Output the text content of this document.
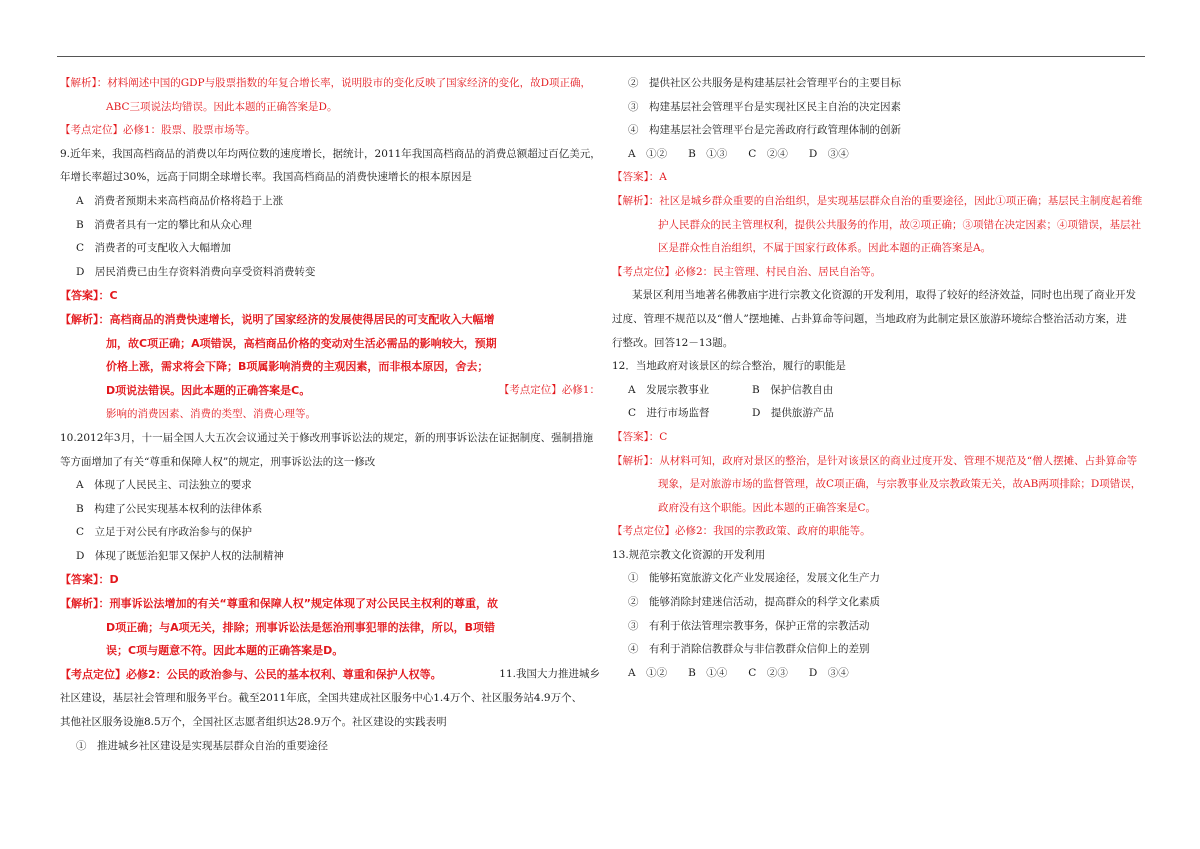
【解析】：材料阐述中国的GDP与股票指数的年复合增长率，说明股市的变化反映了国家经济的变化，故D项正确，

ABC三项说法均错误。因此本题的正确答案是D。

【考点定位】必修1：股票、股票市场等。

9.近年来，我国高档商品的消费以年均两位数的速度增长，据统计，2011年我国高档商品的消费总额超过百亿美元，

年增长率超过30%，远高于同期全球增长率。我国高档商品的消费快速增长的根本原因是

A　消费者预期未来高档商品价格将趋于上涨

B　消费者具有一定的攀比和从众心理

C　消费者的可支配收入大幅增加

D　居民消费已由生存资料消费向享受资料消费转变

【答案】：C

【解析】：高档商品的消费快速增长，说明了国家经济的发展使得居民的可支配收入大幅增

加，故C项正确；A项错误，高档商品价格的变动对生活必需品的影响较大，预期

价格上涨，需求将会下降；B项属影响消费的主观因素，而非根本原因，舍去；

D项说法错误。因此本题的正确答案是C。	【考点定位】必修1：

影响的消费因素、消费的类型、消费心理等。

10.2012年3月，十一届全国人大五次会议通过关于修改刑事诉讼法的规定，新的刑事诉讼法在证据制度、强制措施

等方面增加了有关“尊重和保障人权”的规定，刑事诉讼法的这一修改

A　体现了人民民主、司法独立的要求

B　构建了公民实现基本权利的法律体系

C　立足于对公民有序政治参与的保护

D　体现了既惩治犯罪又保护人权的法制精神

【答案】：D

【解析】：刑事诉讼法增加的有关“尊重和保障人权”规定体现了对公民民主权利的尊重，故

D项正确；与A项无关，排除；刑事诉讼法是惩治刑事犯罪的法律，所以，B项错

误；C项与题意不符。因此本题的正确答案是D。

【考点定位】必修2：公民的政治参与、公民的基本权利、尊重和保护人权等。	11.我国大力推进城乡

社区建设，基层社会管理和服务平台。截至2011年底，全国共建成社区服务中心1.4万个、社区服务站4.9万个、

其他社区服务设施8.5万个，全国社区志愿者组织达28.9万个。社区建设的实践表明

①　推进城乡社区建设是实现基层群众自治的重要途径

②　提供社区公共服务是构建基层社会管理平台的主要目标

③　构建基层社会管理平台是实现社区民主自治的决定因素

④　构建基层社会管理平台是完善政府行政管理体制的创新

A　①②　　B　①③　　C　②④　　D　③④

【答案】：A

【解析】：社区是城乡群众重要的自治组织，是实现基层群众自治的重要途径，因此①项正确；基层民主制度起着维

护人民群众的民主管理权利，提供公共服务的作用，故②项正确；③项错在决定因素；④项错误，基层社

区是群众性自治组织，不属于国家行政体系。因此本题的正确答案是A。

【考点定位】必修2：民主管理、村民自治、居民自治等。

某景区利用当地著名佛教庙宇进行宗教文化资源的开发利用，取得了较好的经济效益，同时也出现了商业开发

过度、管理不规范以及“僧人”摆地摊、占卦算命等问题，当地政府为此制定景区旅游环境综合整治活动方案，进

行整改。回答12－13题。

12．当地政府对该景区的综合整治，履行的职能是

A　发展宗教事业	B　保护信教自由

C　进行市场监督	D　提供旅游产品

【答案】：C

【解析】：从材料可知，政府对景区的整治，是针对该景区的商业过度开发、管理不规范及“僧人摆摊、占卦算命等

现象，是对旅游市场的监督管理，故C项正确，与宗教事业及宗教政策无关，故AB两项排除；D项错误，

政府没有这个职能。因此本题的正确答案是C。

【考点定位】必修2：我国的宗教政策、政府的职能等。

13.规范宗教文化资源的开发利用

①　能够拓宽旅游文化产业发展途径，发展文化生产力

②　能够消除封建迷信活动，提高群众的科学文化素质

③　有利于依法管理宗教事务，保护正常的宗教活动

④　有利于消除信教群众与非信教群众信仰上的差别

A　①②　　B　①④　　C　②③　　D　③④
